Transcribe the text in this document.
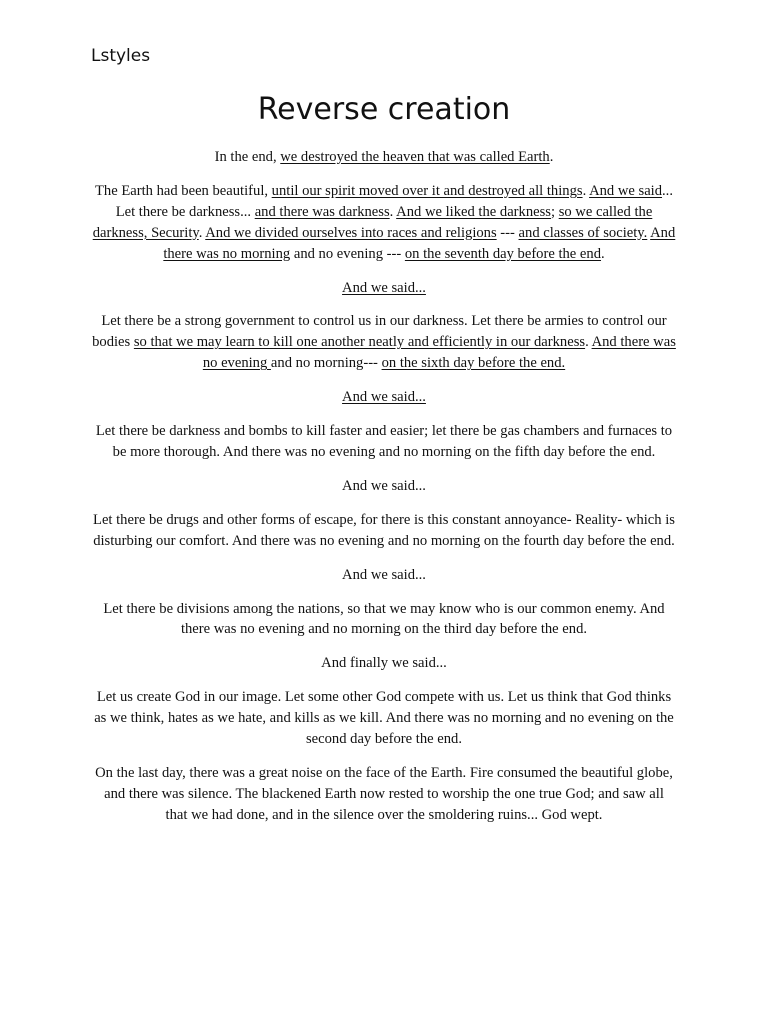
Lstyles

Reverse creation

In the end, we destroyed the heaven that was called Earth.

The Earth had been beautiful, until our spirit moved over it and destroyed all things. And we said... Let there be darkness... and there was darkness. And we liked the darkness; so we called the darkness, Security. And we divided ourselves into races and religions --- and classes of society. And there was no morning and no evening --- on the seventh day before the end.

And we said...

Let there be a strong government to control us in our darkness. Let there be armies to control our bodies so that we may learn to kill one another neatly and efficiently in our darkness. And there was no evening and no morning--- on the sixth day before the end.

And we said...

Let there be darkness and bombs to kill faster and easier; let there be gas chambers and furnaces to be more thorough. And there was no evening and no morning on the fifth day before the end.

And we said...

Let there be drugs and other forms of escape, for there is this constant annoyance- Reality- which is disturbing our comfort. And there was no evening and no morning on the fourth day before the end.

And we said...

Let there be divisions among the nations, so that we may know who is our common enemy. And there was no evening and no morning on the third day before the end.

And finally we said...

Let us create God in our image. Let some other God compete with us. Let us think that God thinks as we think, hates as we hate, and kills as we kill. And there was no morning and no evening on the second day before the end.

On the last day, there was a great noise on the face of the Earth. Fire consumed the beautiful globe, and there was silence. The blackened Earth now rested to worship the one true God; and saw all that we had done, and in the silence over the smoldering ruins... God wept.
